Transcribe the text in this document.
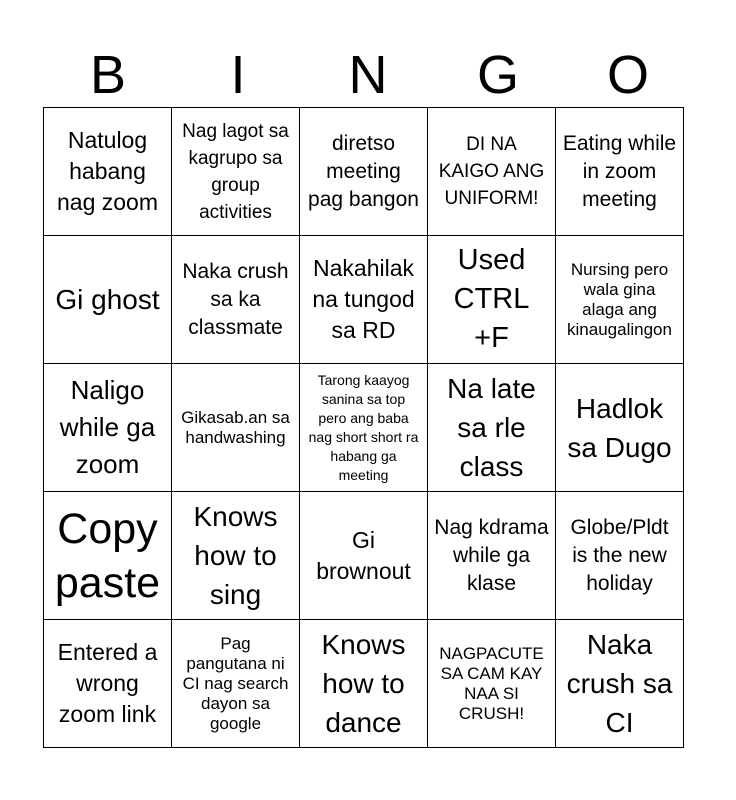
B	I	N	G	O
Natulog habang nag zoom	Nag lagot sa kagrupo sa group activities	diretso meeting pag bangon	DI NA KAIGO ANG UNIFORM!	Eating while in zoom meeting
Gi ghost	Naka crush sa ka classmate	Nakahilak na tungod sa RD	Used CTRL +F	Nursing pero wala gina alaga ang kinaugalingon
Naligo while ga zoom	Gikasab.an sa handwashing	Tarong kaayog sanina sa top pero ang baba nag short short ra habang ga meeting	Na late sa rle class	Hadlok sa Dugo
Copy paste	Knows how to sing	Gi brownout	Nag kdrama while ga klase	Globe/Pldt is the new holiday
Entered a wrong zoom link	Pag pangutana ni CI nag search dayon sa google	Knows how to dance	NAGPACUTE SA CAM KAY NAA SI CRUSH!	Naka crush sa CI
